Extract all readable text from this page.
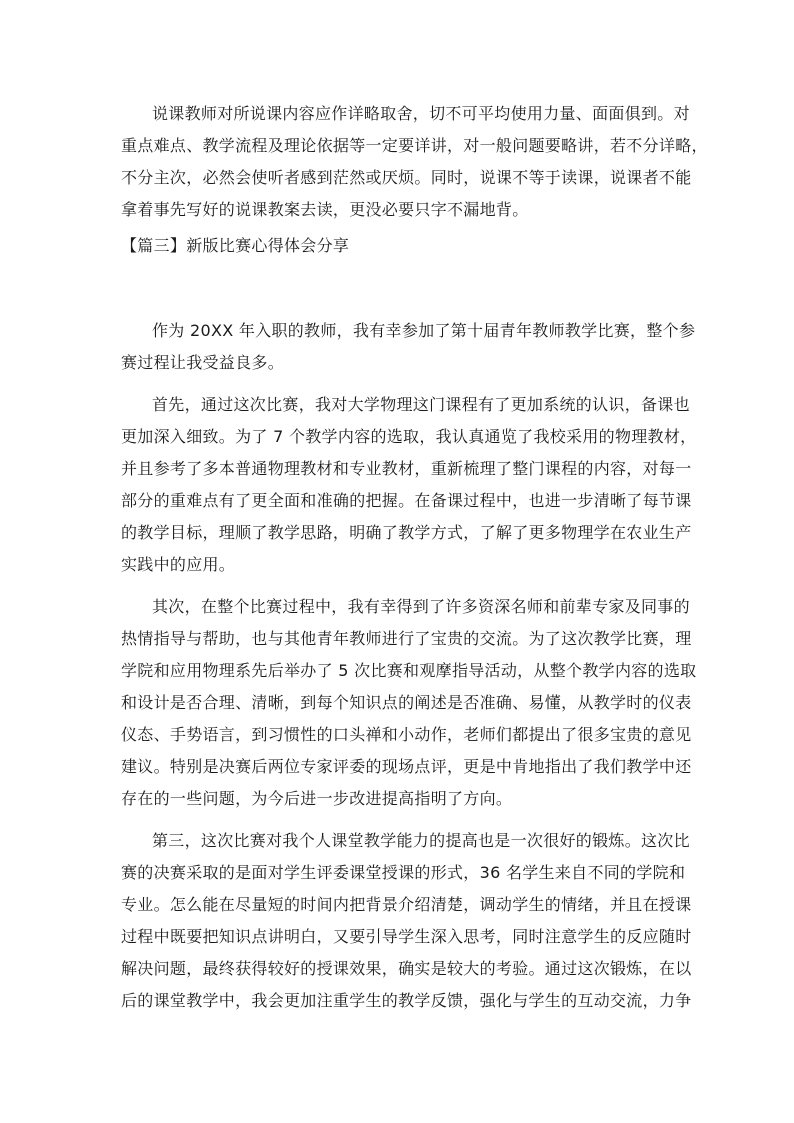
说课教师对所说课内容应作详略取舍，切不可平均使用力量、面面俱到。对
重点难点、教学流程及理论依据等一定要详讲，对一般问题要略讲，若不分详略，
不分主次，必然会使听者感到茫然或厌烦。同时，说课不等于读课，说课者不能
拿着事先写好的说课教案去读，更没必要只字不漏地背。
【篇三】新版比赛心得体会分享
作为 20XX 年入职的教师，我有幸参加了第十届青年教师教学比赛，整个参
赛过程让我受益良多。
首先，通过这次比赛，我对大学物理这门课程有了更加系统的认识，备课也
更加深入细致。为了 7 个教学内容的选取，我认真通览了我校采用的物理教材，
并且参考了多本普通物理教材和专业教材，重新梳理了整门课程的内容，对每一
部分的重难点有了更全面和准确的把握。在备课过程中，也进一步清晰了每节课
的教学目标，理顺了教学思路，明确了教学方式，了解了更多物理学在农业生产
实践中的应用。
其次，在整个比赛过程中，我有幸得到了许多资深名师和前辈专家及同事的
热情指导与帮助，也与其他青年教师进行了宝贵的交流。为了这次教学比赛，理
学院和应用物理系先后举办了 5 次比赛和观摩指导活动，从整个教学内容的选取
和设计是否合理、清晰，到每个知识点的阐述是否准确、易懂，从教学时的仪表
仪态、手势语言，到习惯性的口头禅和小动作，老师们都提出了很多宝贵的意见
建议。特别是决赛后两位专家评委的现场点评，更是中肯地指出了我们教学中还
存在的一些问题，为今后进一步改进提高指明了方向。
第三，这次比赛对我个人课堂教学能力的提高也是一次很好的锻炼。这次比
赛的决赛采取的是面对学生评委课堂授课的形式，36 名学生来自不同的学院和
专业。怎么能在尽量短的时间内把背景介绍清楚，调动学生的情绪，并且在授课
过程中既要把知识点讲明白，又要引导学生深入思考，同时注意学生的反应随时
解决问题，最终获得较好的授课效果，确实是较大的考验。通过这次锻炼，在以
后的课堂教学中，我会更加注重学生的教学反馈，强化与学生的互动交流，力争
